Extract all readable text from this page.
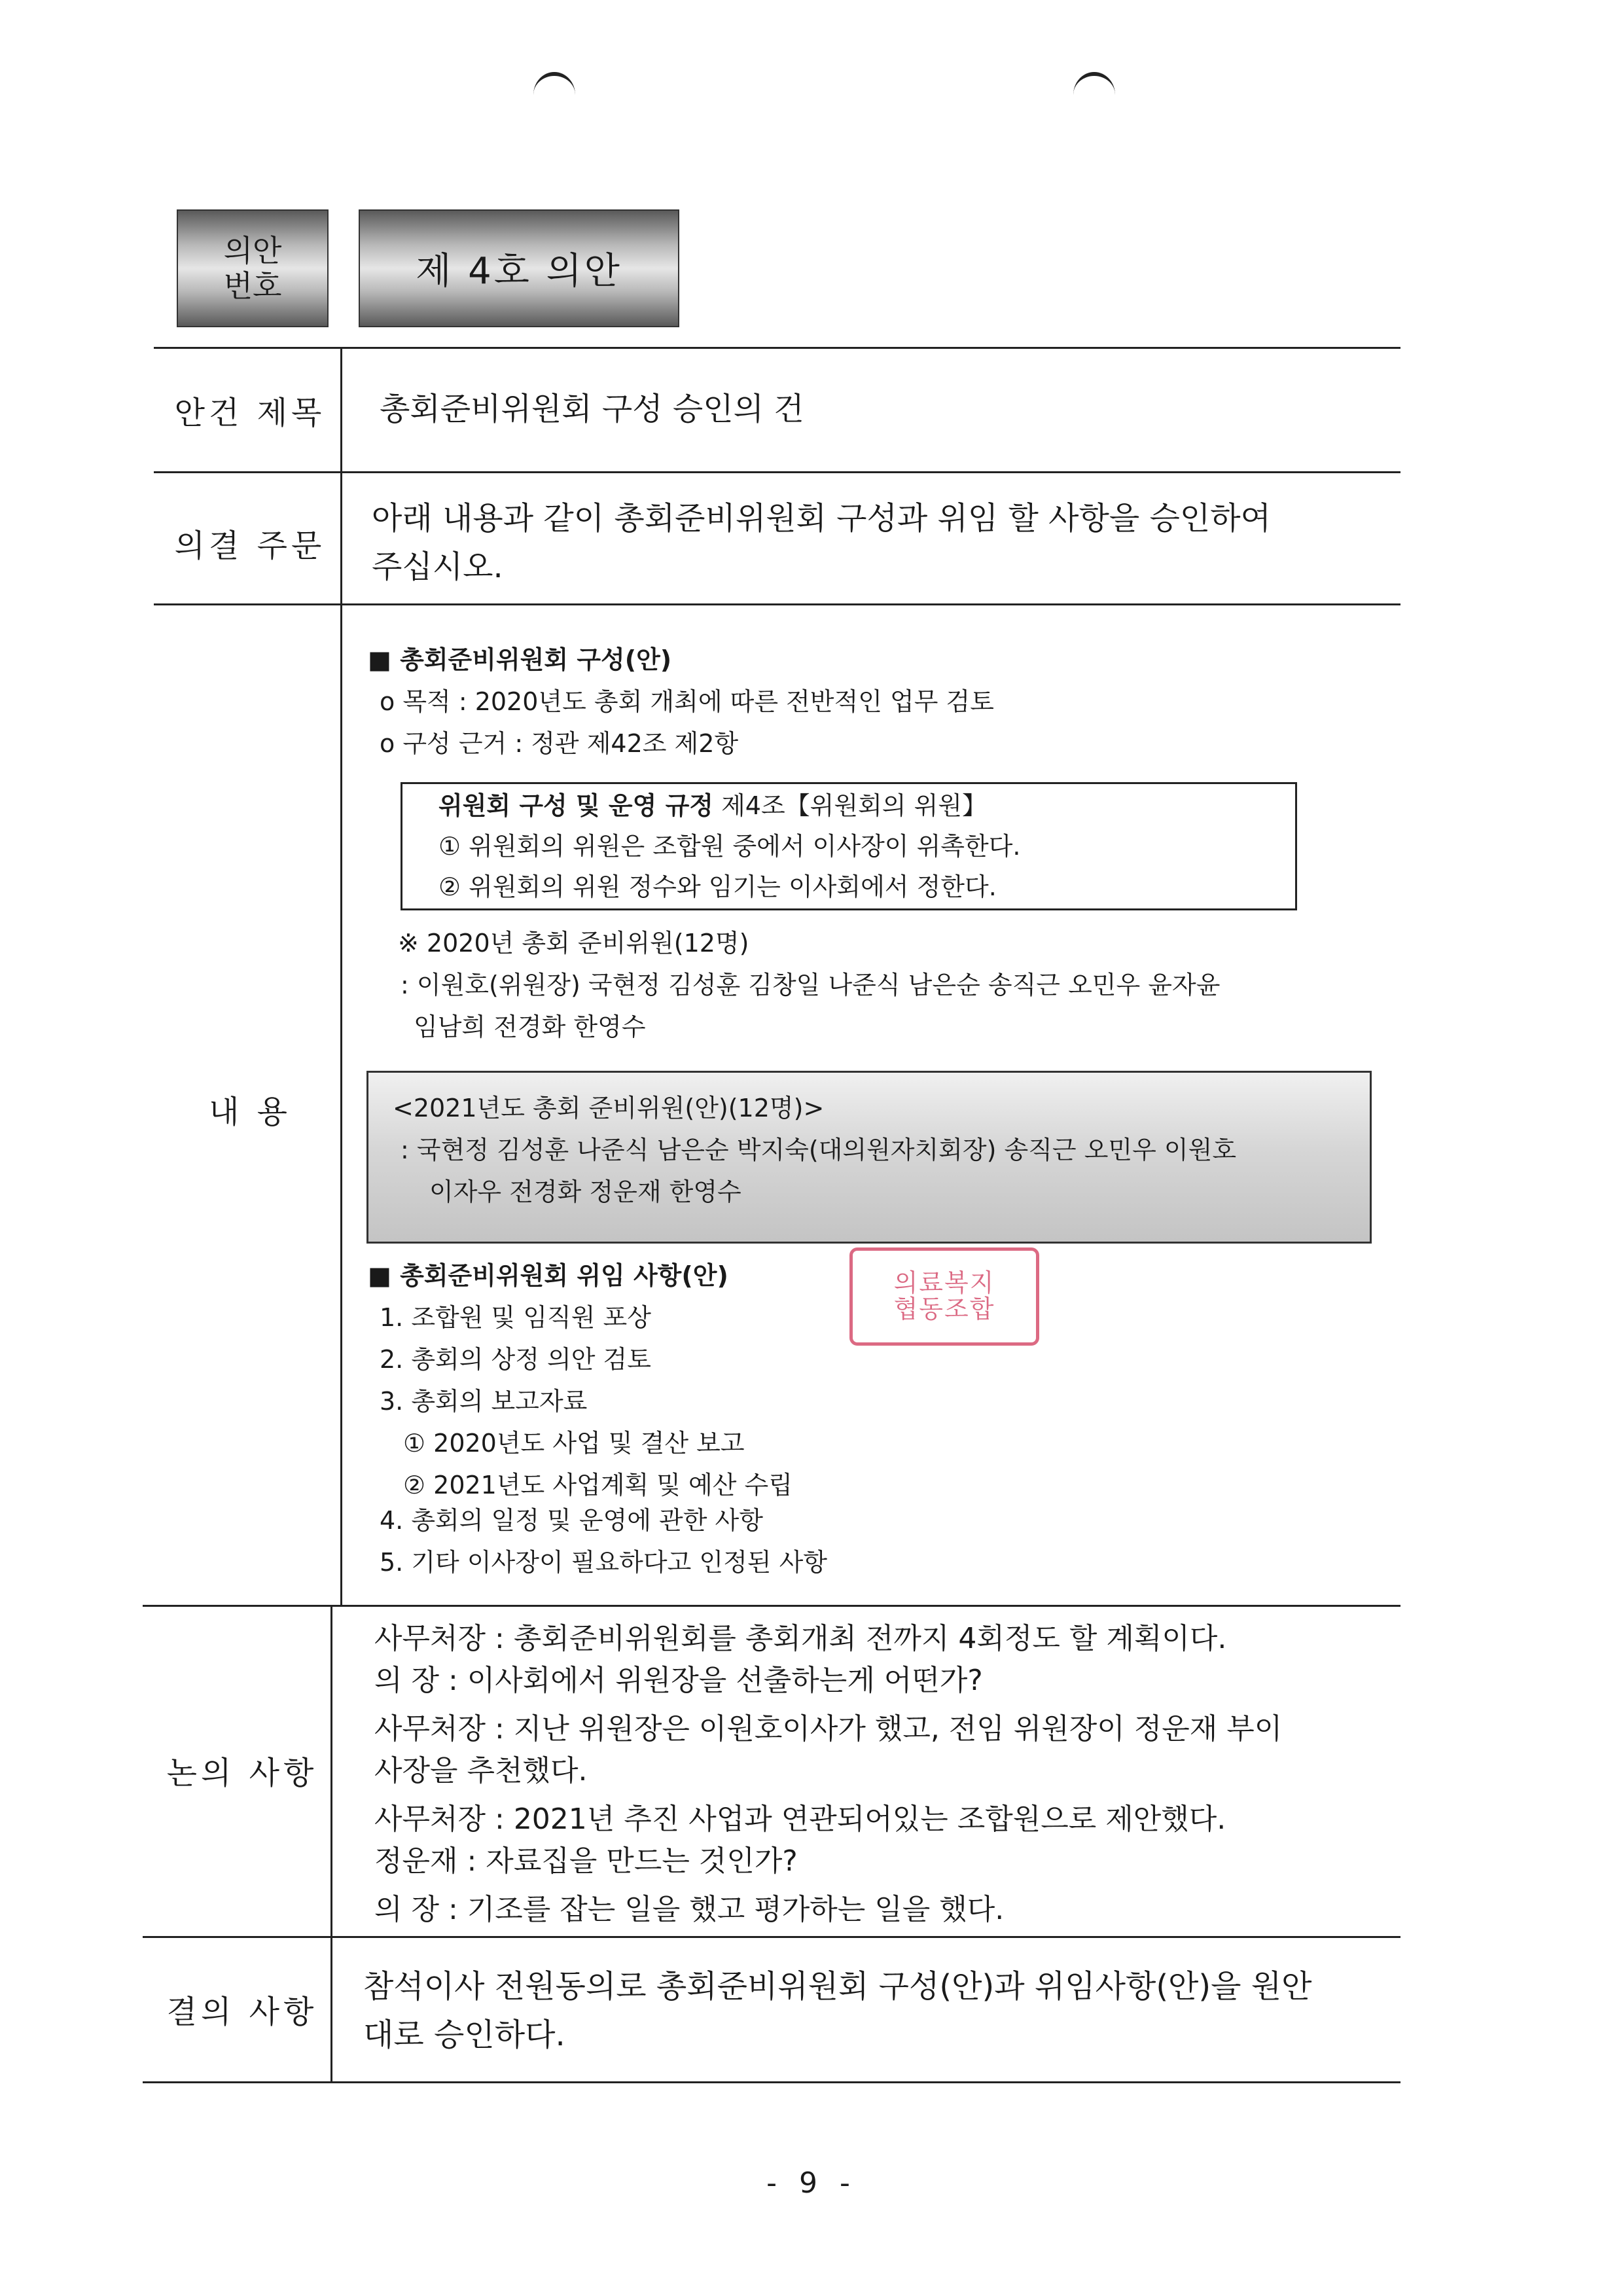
의안
번호	제 4호 의안
안건 제목	총회준비위원회 구성 승인의 건
의결 주문
아래 내용과 같이 총회준비위원회 구성과 위임 할 사항을 승인하여
주십시오.
내 용
■ 총회준비위원회 구성(안)
o 목적 : 2020년도 총회 개최에 따른 전반적인 업무 검토
o 구성 근거 : 정관 제42조 제2항
위원회 구성 및 운영 규정 제4조【위원회의 위원】
① 위원회의 위원은 조합원 중에서 이사장이 위촉한다.
② 위원회의 위원 정수와 임기는 이사회에서 정한다.
※ 2020년 총회 준비위원(12명)
: 이원호(위원장) 국현정 김성훈 김창일 나준식 남은순 송직근 오민우 윤자윤
임남희 전경화 한영수
<2021년도 총회 준비위원(안)(12명)>
: 국현정 김성훈 나준식 남은순 박지숙(대의원자치회장) 송직근 오민우 이원호
이자우 전경화 정운재 한영수
■ 총회준비위원회 위임 사항(안)
1. 조합원 및 임직원 포상
2. 총회의 상정 의안 검토
3. 총회의 보고자료
① 2020년도 사업 및 결산 보고
② 2021년도 사업계획 및 예산 수립
4. 총회의 일정 및 운영에 관한 사항
5. 기타 이사장이 필요하다고 인정된 사항
의료복지
협동조합
논의 사항
사무처장 : 총회준비위원회를 총회개최 전까지 4회정도 할 계획이다.
의 장 : 이사회에서 위원장을 선출하는게 어떤가?
사무처장 : 지난 위원장은 이원호이사가 했고, 전임 위원장이 정운재 부이
사장을 추천했다.
사무처장 : 2021년 추진 사업과 연관되어있는 조합원으로 제안했다.
정운재 : 자료집을 만드는 것인가?
의 장 : 기조를 잡는 일을 했고 평가하는 일을 했다.
결의 사항
참석이사 전원동의로 총회준비위원회 구성(안)과 위임사항(안)을 원안
대로 승인하다.
- 9 -
